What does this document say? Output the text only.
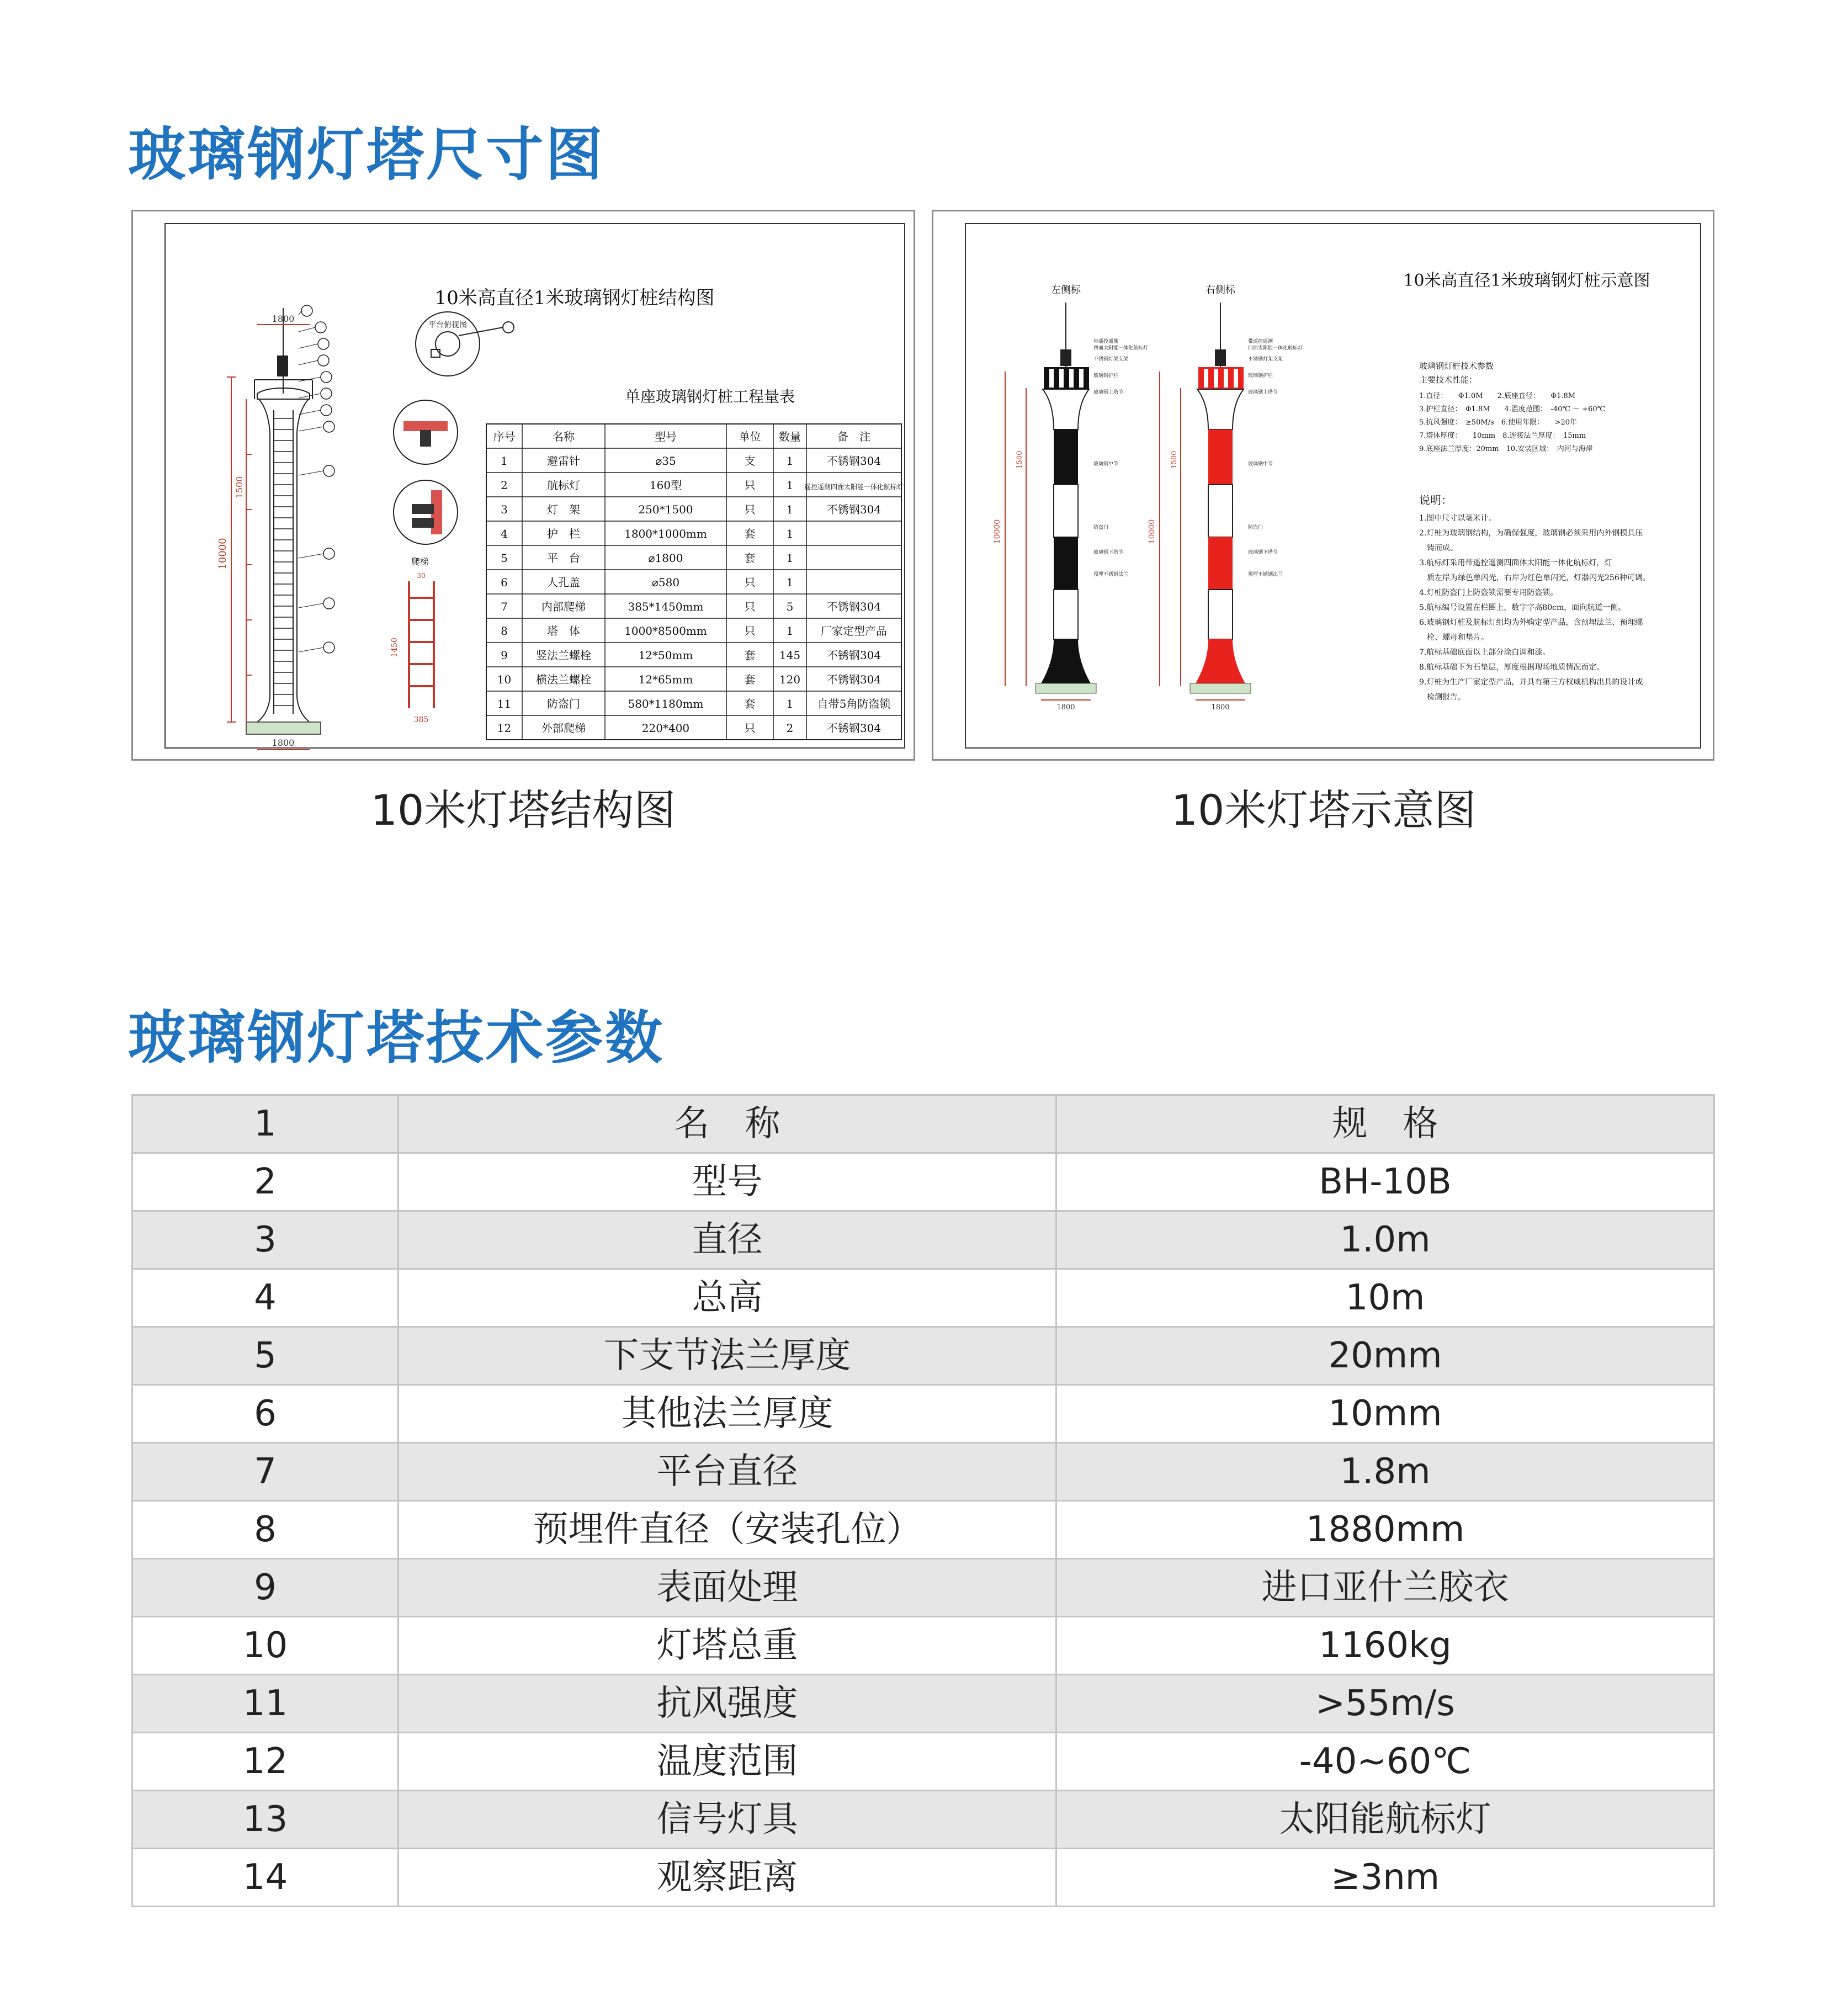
玻璃钢灯塔尺寸图
10米高直径1米玻璃钢灯桩结构图
10000
1500
1800
1800
平台俯视图
爬梯
1450
385
30
单座玻璃钢灯桩工程量表
序号	名称	型号	单位 数量	备　注
1	避雷针	⌀35	支	1	不锈钢304
2	航标灯	160型	只	1 遥控遥测四面太阳能一体化航标灯
3	灯　架	250*1500	只	1	不锈钢304
4	护　栏	1800*1000mm	套	1
5	平　台	⌀1800	套	1
6	人孔盖	⌀580	只	1
7	内部爬梯	385*1450mm	只	5	不锈钢304
8	塔　体	1000*8500mm	只	1 厂家定型产品
9	竖法兰螺栓	12*50mm	套 145 不锈钢304
10 横法兰螺栓	12*65mm	套 120 不锈钢304
11	防盗门	580*1180mm	套	1 自带5角防盗锁
12	外部爬梯	220*400	只	2	不锈钢304
10米高直径1米玻璃钢灯桩示意图
左侧标	右侧标
10000
1500
1800
10000
1500
1800
带遥控遥测
四面太阳能一体化航标灯
不锈钢灯架支架
玻璃钢护栏
玻璃钢上塔节
玻璃钢中节
防盗门
玻璃钢下塔节
预埋不锈钢法兰
带遥控遥测
四面太阳能一体化航标灯
不锈钢灯架支架
玻璃钢护栏
玻璃钢上塔节
玻璃钢中节
防盗门
玻璃钢下塔节
预埋不锈钢法兰
玻璃钢灯桩技术参数
主要技术性能：
1.直径：　　Φ1.0M　　2.底座直径：　　Φ1.8M
3.护栏直径：　Φ1.8M　　4.温度范围：　-40℃ ～ +60℃
5.抗风强度：　≥50M/s　6.使用年限：　　>20年
7.塔体厚度：　　10mm　8.连接法兰厚度：　15mm
9.底座法兰厚度：20mm　10.安装区域：　内河与海岸
说明：
1.图中尺寸以毫米计。
2.灯桩为玻璃钢结构，为确保强度，玻璃钢必须采用内外钢模具压
　铸而成。
3.航标灯采用带遥控遥测四面体太阳能一体化航标灯，灯
　质左岸为绿色单闪光，右岸为红色单闪光，灯器闪光256种可调。
4.灯桩防盗门上防盗锁需要专用防盗锁。
5.航标编号设置在栏圈上，数字字高80cm，面向航道一侧。
6.玻璃钢灯桩及航标灯组均为外购定型产品，含预埋法兰、预埋螺
　栓、螺母和垫片。
7.航标基础底面以上部分涂白调和漆。
8.航标基础下为石垫层，厚度根据现场地质情况而定。
9.灯桩为生产厂家定型产品，并具有第三方权威机构出具的设计或
　检测报告。
10米灯塔结构图	10米灯塔示意图
玻璃钢灯塔技术参数
1	名　称	规　格
2	型号	BH-10B
3	直径	1.0m
4	总高	10m
5	下支节法兰厚度	20mm
6	其他法兰厚度	10mm
7	平台直径	1.8m
8	预埋件直径（安装孔位）	1880mm
9	表面处理	进口亚什兰胶衣
10	灯塔总重	1160kg
11	抗风强度	>55m/s
12	温度范围	-40~60℃
13	信号灯具	太阳能航标灯
14	观察距离	≥3nm
